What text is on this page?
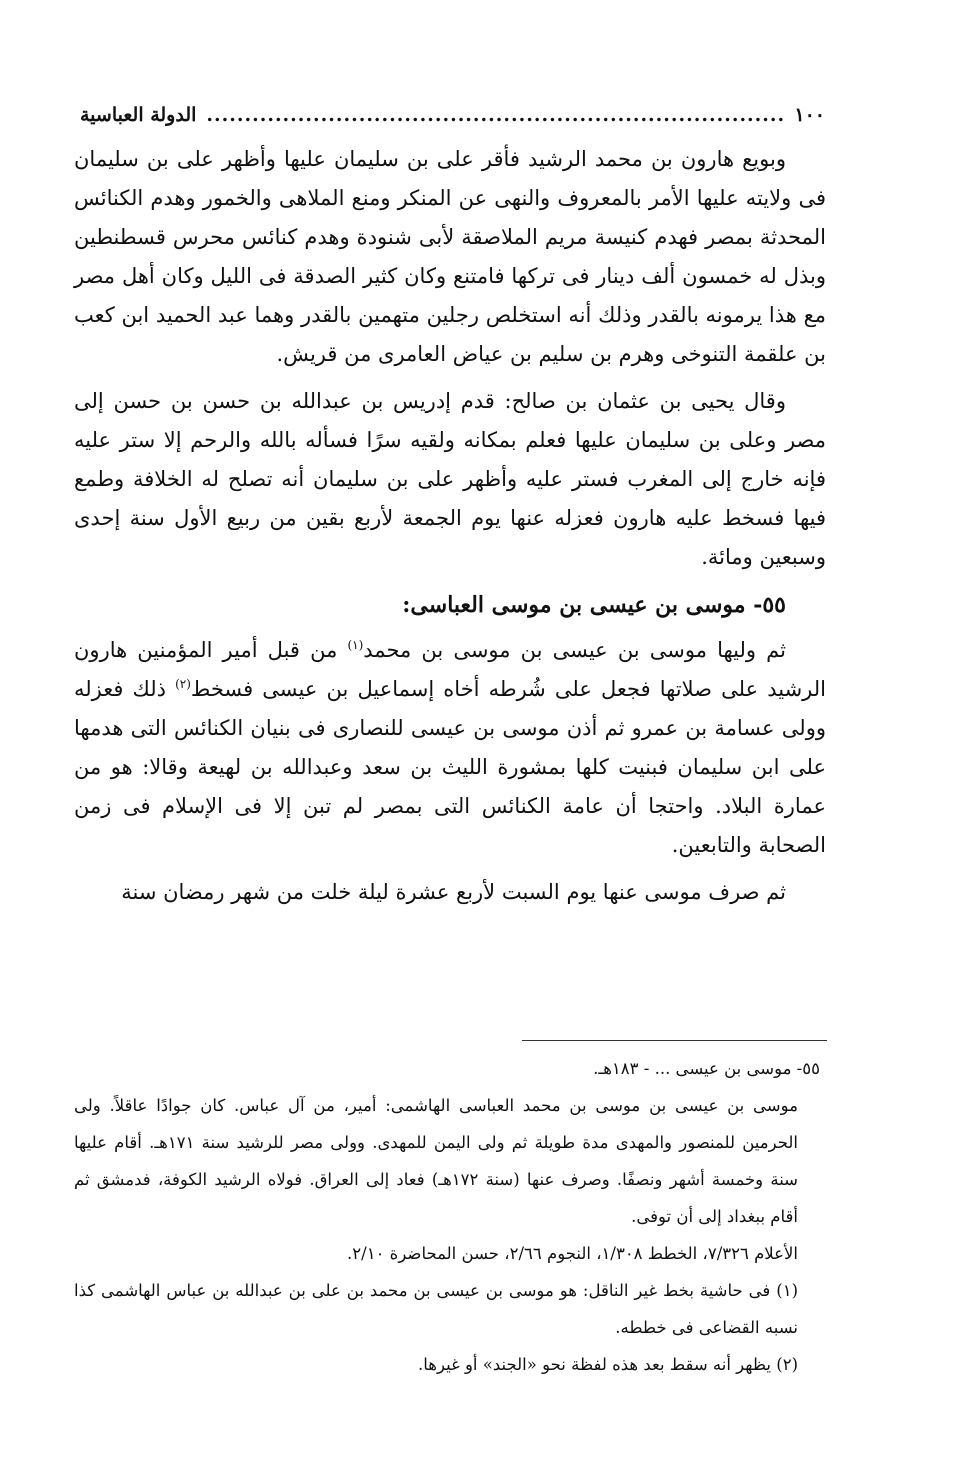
١٠٠
.....
الدولة العباسية

وبويع هارون بن محمد الرشيد فأقر على بن سليمان عليها وأظهر على بن سليمان فى ولايته عليها الأمر بالمعروف والنهى عن المنكر ومنع الملاهى والخمور وهدم الكنائس المحدثة بمصر فهدم كنيسة مريم الملاصقة لأبى شنودة وهدم كنائس محرس قسطنطين وبذل له خمسون ألف دينار فى تركها فامتنع وكان كثير الصدقة فى الليل وكان أهل مصر مع هذا يرمونه بالقدر وذلك أنه استخلص رجلين متهمين بالقدر وهما عبد الحميد ابن كعب بن علقمة التنوخى وهرم بن سليم بن عياض العامرى من قريش.

وقال يحيى بن عثمان بن صالح: قدم إدريس بن عبدالله بن حسن بن حسن إلى مصر وعلى بن سليمان عليها فعلم بمكانه ولقيه سرًا فسأله بالله والرحم إلا ستر عليه فإنه خارج إلى المغرب فستر عليه وأظهر على بن سليمان أنه تصلح له الخلافة وطمع فيها فسخط عليه هارون فعزله عنها يوم الجمعة لأربع بقين من ربيع الأول سنة إحدى وسبعين ومائة.

٥٥- موسى بن عيسى بن موسى العباسى:

ثم وليها موسى بن عيسى بن موسى بن محمد$^{(١)}$ من قبل أمير المؤمنين هارون الرشيد على صلاتها فجعل على شُرطه أخاه إسماعيل بن عيسى فسخط$^{(٢)}$ ذلك فعزله وولى عسامة بن عمرو ثم أذن موسى بن عيسى للنصارى فى بنيان الكنائس التى هدمها على ابن سليمان فبنيت كلها بمشورة الليث بن سعد وعبدالله بن لهيعة وقالا: هو من عمارة البلاد. واحتجا أن عامة الكنائس التى بمصر لم تبن إلا فى الإسلام فى زمن الصحابة والتابعين.

ثم صرف موسى عنها يوم السبت لأربع عشرة ليلة خلت من شهر رمضان سنة

٥٥- موسى بن عيسى ... - ١٨٣هـ.

موسى بن عيسى بن موسى بن محمد العباسى الهاشمى: أمير، من آل عباس. كان جوادًا عاقلاً. ولى الحرمين للمنصور والمهدى مدة طويلة ثم ولى اليمن للمهدى. وولى مصر للرشيد سنة ١٧١هـ. أقام عليها سنة وخمسة أشهر ونصفًا. وصرف عنها (سنة ١٧٢هـ) فعاد إلى العراق. فولاه الرشيد الكوفة، فدمشق ثم أقام ببغداد إلى أن توفى.

الأعلام ٧/٣٢٦، الخطط ١/٣٠٨، النجوم ٢/٦٦، حسن المحاضرة ٢/١٠.

(١) فى حاشية بخط غير الناقل: هو موسى بن عيسى بن محمد بن على بن عبدالله بن عباس الهاشمى كذا نسبه القضاعى فى خططه.

(٢) يظهر أنه سقط بعد هذه لفظة نحو «الجند» أو غيرها.
